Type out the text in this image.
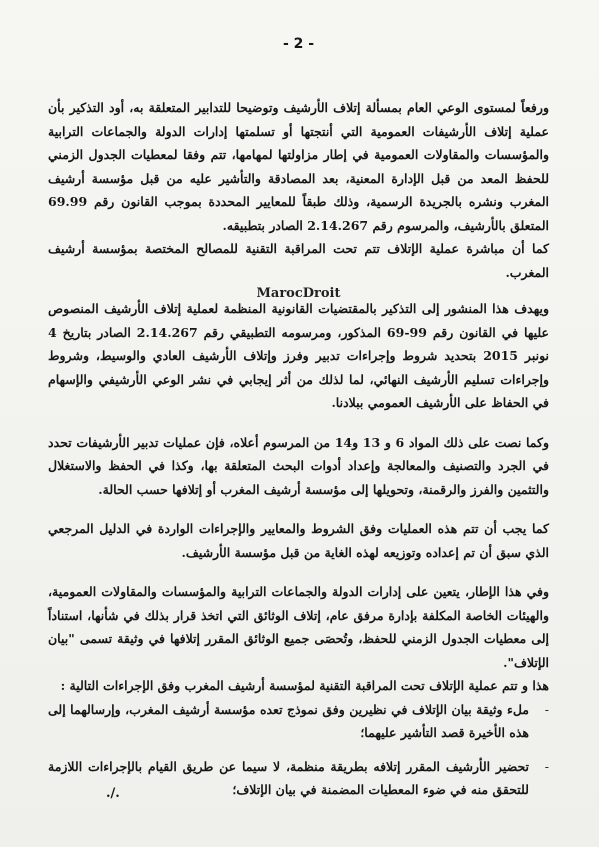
- 2 -

ورفعاً لمستوى الوعي العام بمسألة إتلاف الأرشيف وتوضيحا للتدابير المتعلقة به، أود التذكير بأن عملية إتلاف الأرشيفات العمومية التي أنتجتها أو تسلمتها إدارات الدولة والجماعات الترابية والمؤسسات والمقاولات العمومية في إطار مزاولتها لمهامها، تتم وفقا لمعطيات الجدول الزمني للحفظ المعد من قبل الإدارة المعنية، بعد المصادقة والتأشير عليه من قبل مؤسسة أرشيف المغرب ونشره بالجريدة الرسمية، وذلك طبقاً للمعايير المحددة بموجب القانون رقم 69.99 المتعلق بالأرشيف، والمرسوم رقم 2.14.267 الصادر بتطبيقه.

كما أن مباشرة عملية الإتلاف تتم تحت المراقبة التقنية للمصالح المختصة بمؤسسة أرشيف المغرب.

MarocDroit

ويهدف هذا المنشور إلى التذكير بالمقتضيات القانونية المنظمة لعملية إتلاف الأرشيف المنصوص عليها في القانون رقم 99-69 المذكور، ومرسومه التطبيقي رقم 2.14.267 الصادر بتاريخ 4 نونبر 2015 بتحديد شروط وإجراءات تدبير وفرز وإتلاف الأرشيف العادي والوسيط، وشروط وإجراءات تسليم الأرشيف النهائي، لما لذلك من أثر إيجابي في نشر الوعي الأرشيفي والإسهام في الحفاظ على الأرشيف العمومي ببلادنا.

وكما نصت على ذلك المواد 6 و 13 و14 من المرسوم أعلاه، فإن عمليات تدبير الأرشيفات تحدد في الجرد والتصنيف والمعالجة وإعداد أدوات البحث المتعلقة بها، وكذا في الحفظ والاستغلال والتثمين والفرز والرقمنة، وتحويلها إلى مؤسسة أرشيف المغرب أو إتلافها حسب الحالة.

كما يجب أن تتم هذه العمليات وفق الشروط والمعايير والإجراءات الواردة في الدليل المرجعي الذي سبق أن تم إعداده وتوزيعه لهذه الغاية من قبل مؤسسة الأرشيف.

وفي هذا الإطار، يتعين على إدارات الدولة والجماعات الترابية والمؤسسات والمقاولات العمومية، والهيئات الخاصة المكلفة بإدارة مرفق عام، إتلاف الوثائق التي اتخذ قرار بذلك في شأنها، استناداً إلى معطيات الجدول الزمني للحفظ، وتُحصَى جميع الوثائق المقرر إتلافها في وثيقة تسمى "بيان الإتلاف".

هذا و تتم عملية الإتلاف تحت المراقبة التقنية لمؤسسة أرشيف المغرب وفق الإجراءات التالية :

-

ملء وثيقة بيان الإتلاف في نظيرين وفق نموذج تعده مؤسسة أرشيف المغرب، وإرسالهما إلى هذه الأخيرة قصد التأشير عليهما؛

-

تحضير الأرشيف المقرر إتلافه بطريقة منظمة، لا سيما عن طريق القيام بالإجراءات اللازمة للتحقق منه في ضوء المعطيات المضمنة في بيان الإتلاف؛

./.
